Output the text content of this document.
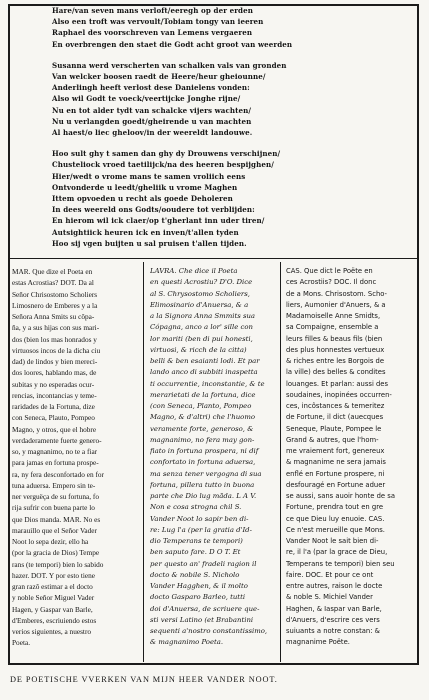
Hare/van seven mans verloft/eeregh op der erden
Also een troft was vervoult/Tobiam tongy van ieeren
Raphael des voorschreven van Lemens vergaeren
En overbrengen den staet die Godt acht groot van weerden
Susanna werd verscherten van schalken vals van gronden
Van welcker boosen raedt de Heere/heur gheiounne/
Anderlingh heeft verlost dese Danielens vonden:
Also wil Godt te voeck/veertijcke Jonghe rijne/
Nu en tot alder tydt van schalcke vijers wachten/
Nu u verlangden goedt/gheirende u van machten
Al haest/o liec gheloov/in der weereldt landouwe.
Hoo sult ghy t samen dan ghy dy Drouwens verschijnen/
Chusteliock vroed taetilijck/na des heeren bespijghen/
Hier/wedt o vrome mans te samen vroliich eens
Ontvonderde u leedt/gheliik u vrome Maghen
Ittem opvoeden u recht als goede Deholeren
In dees weereld ons Godts/ooudere tot verblijden:
En hierom wil ick claer/op t'gherlant inn uder tiren/
Autsightiick heuren ick en inven/t'allen tyden
Hoo sij vgen buijten u sal pruisen t'allen tijden.
MAR. Que dize el Poeta en
estas Acrostias? DOT. Da al
Señor Chrisostomo Scholiers
Limosnero de Emberes y a la
Señora Anna Smits su côpa-
ña, y a sus hijas con sus mari-
dos (bien los mas honrados y
virtuosos incos de la dicha ciu
dad) de lindos y bien mereci-
dos loores, hablando mas, de
subitas y no esperadas ocur-
rencias, incontancias y teme-
raridades de la Fortuna, dize
con Seneca, Plauto, Pompeo
Magno, y otros, que el hobre
verdaderamente fuerte genero-
so, y magnanimo, no te a fiar
para jamas en fortuna prospe-
ra, ny fera desconfortado en for
tuna aduersa. Empero sin te-
ner verguëça de su fortuna, fo
rija sufrir con buena parte lo
que Dios manda. MAR. No es
marauillo que el Señor Vader
Noot lo sepa dezir, ello ha
(por la gracia de Dios) Tempe
rans (te tempori) bien lo sabido
hazer. DOT. Y por esto tiene
gran razô estimar a el docto
y noble Señor Miguel Vader
Hagen, y Gaspar van Barle,
d'Emberes, escriuiendo estos
verios siguientes, a nuestro
Poeta.
LAVRA. Che dice il Poeta
en questi Acrostiu? D'O. Dice
al S. Chrysostomo Scholiers,
Elimosinario d'Anuersa, & a
a la Signora Anna Smmits sua
Cópagna, anco a lor' sille con
lor mariti (ben di pui honesti,
virtuosi, & ricch de la citta)
belli & ben esaianti lodi. Et par
lando anco di subbiti inaspetta
ti occurrentie, inconstantie, & te
merarietati de la fortuna, dice
(con Seneca, Planto, Pompeo
Magno, & d'altri) che l'huomo
veramente forte, generoso, &
magnanimo, no fera may gon-
fiato in fortuna prospera, ni dif
confortato in fortuna aduersa,
ma senza tener vergogna di sua
fortuna, pillera tutto in buona
parte che Dio lug mãda. L A V.
Non e cosa strogna chil S.
Vander Noot lo sapir ben di-
re: Lug l'a (per la gratia d'Id-
dio Temperans te tempori)
ben saputo fare. D O T. Et
per questo an' fradeli ragion il
docto & nobile S. Nicholo
Vander Hagghen, & il molto
docto Gasparo Barleo, tutti
doi d'Anuersa, de scriuere que-
sti versi Latino (et Brabantini
sequenti a'nostro constantissimo,
& magnanimo Poeta.
CAS. Que dict le Poëte en
ces Acrostiis? DOC. Il donc
de a Mons. Chrisostom. Scho-
liers, Aumonier d'Anuers, & a
Madamoiselle Anne Smidts,
sa Compaigne, ensemble a
leurs filles & beaus fils (bien
des plus honnestes vertueux
& riches entre les Borgois de
la ville) des belles & condites
louanges. Et parlan: aussi des
soudaines, inopinées occurren-
ces, incôstances & temeritez
de Fortune, il dict (auecques
Seneque, Plaute, Pompee le
Grand & autres, que l'hom-
me vraiement fort, genereux
& magnanime ne sera jamais
enflé en Fortune prospere, ni
desfouragé en Fortune aduer
se aussi, sans auoir honte de sa
Fortune, prendra tout en gre
ce que Dieu luy enuoie. CAS.
Ce n'est merueille que Mons.
Vander Noot le sait bien di-
re, il l'a (par la grace de Dieu,
Temperans te tempori) bien seu
faire. DOC. Et pour ce ont
entre autres, raison le docte
& noble S. Michiel Vander
Haghen, & Iaspar van Barle,
d'Anuers, d'escrire ces vers
suiuants a notre constan: &
magnanime Poëte.
DE POETISCHE VVERKEN VAN MIJN HEER VANDER NOOT.
